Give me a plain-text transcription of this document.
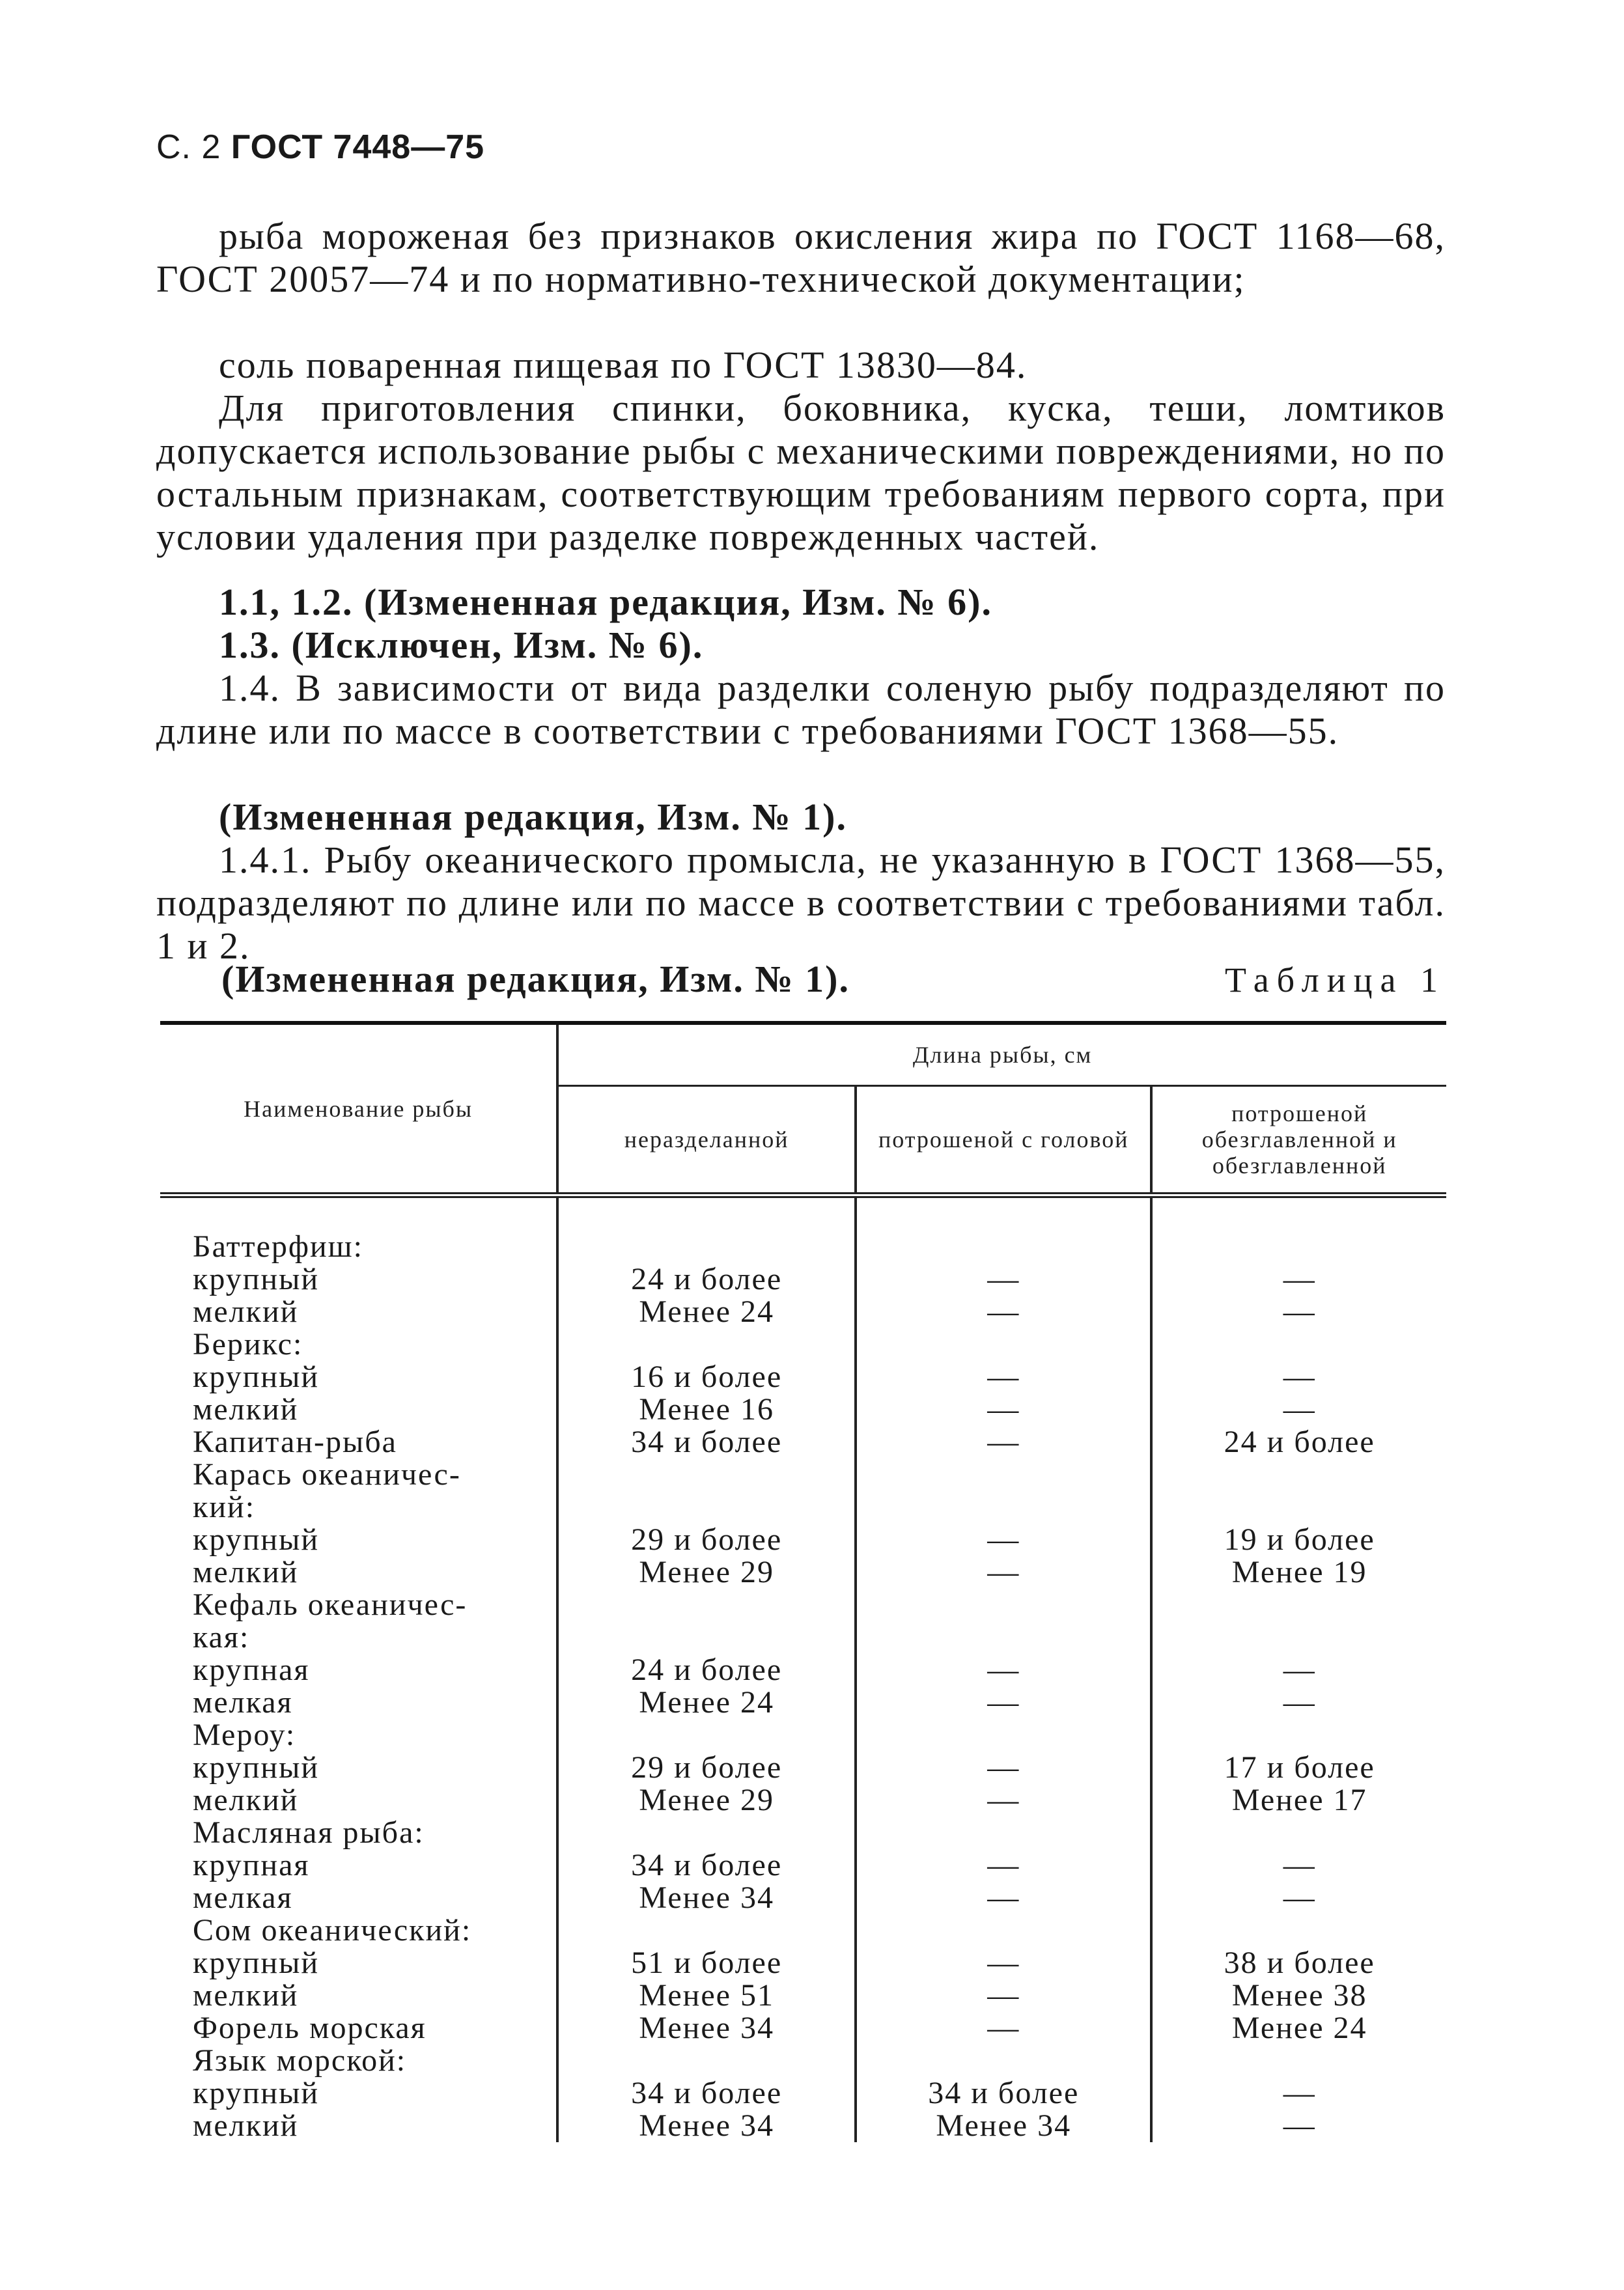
С. 2 ГОСТ 7448—75
рыба мороженая без признаков окисления жира по ГОСТ 1168—68, ГОСТ 20057—74 и по нормативно-технической документации;
соль поваренная пищевая по ГОСТ 13830—84.
Для приготовления спинки, боковника, куска, теши, ломтиков допускается использование рыбы с механическими повреждениями, но по остальным признакам, соответствующим требованиям первого сорта, при условии удаления при разделке поврежденных частей.
1.1, 1.2. (Измененная редакция, Изм. № 6).
1.3. (Исключен, Изм. № 6).
1.4. В зависимости от вида разделки соленую рыбу подразделяют по длине или по массе в соответствии с требованиями ГОСТ 1368—55.
(Измененная редакция, Изм. № 1).
1.4.1. Рыбу океанического промысла, не указанную в ГОСТ 1368—55, подразделяют по длине или по массе в соответствии с требованиями табл. 1 и 2.
(Измененная редакция, Изм. № 1).	Таблица 1
Наименование рыбы	Длина рыбы, см		
	неразделанной	потрошеной с головой	потрошеной обезглавленной и обезглавленной

Баттерфиш:			
крупный	24 и более	—	—
мелкий	Менее 24	—	—
Берикс:			
крупный	16 и более	—	—
мелкий	Менее 16	—	—
Капитан-рыба	34 и более	—	24 и более
Карась океаничес-			
кий:			
крупный	29 и более	—	19 и более
мелкий	Менее 29	—	Менее 19
Кефаль океаничес-			
кая:			
крупная	24 и более	—	—
мелкая	Менее 24	—	—
Мероу:			
крупный	29 и более	—	17 и более
мелкий	Менее 29	—	Менее 17
Масляная рыба:			
крупная	34 и более	—	—
мелкая	Менее 34	—	—
Сом океанический:			
крупный	51 и более	—	38 и более
мелкий	Менее 51	—	Менее 38
Форель морская	Менее 34	—	Менее 24
Язык морской:			
крупный	34 и более	34 и более	—
мелкий	Менее 34	Менее 34	—
